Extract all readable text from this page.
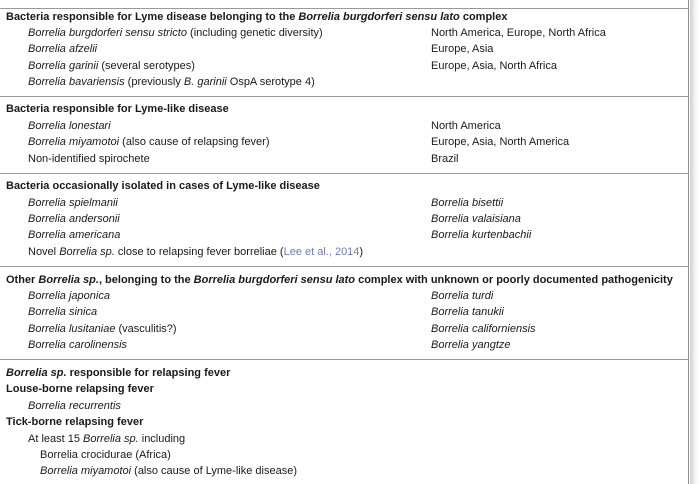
Bacteria responsible for Lyme disease belonging to the Borrelia burgdorferi sensu lato complex
Borrelia burgdorferi sensu stricto (including genetic diversity)	North America, Europe, North Africa
Borrelia afzelii	Europe, Asia
Borrelia garinii (several serotypes)	Europe, Asia, North Africa
Borrelia bavariensis (previously B. garinii OspA serotype 4)
Bacteria responsible for Lyme-like disease
Borrelia lonestari	North America
Borrelia miyamotoi (also cause of relapsing fever)	Europe, Asia, North America
Non-identified spirochete	Brazil
Bacteria occasionally isolated in cases of Lyme-like disease
Borrelia spielmanii	Borrelia bisettii
Borrelia andersonii	Borrelia valaisiana
Borrelia americana	Borrelia kurtenbachii
Novel Borrelia sp. close to relapsing fever borreliae (Lee et al., 2014)
Other Borrelia sp., belonging to the Borrelia burgdorferi sensu lato complex with unknown or poorly documented pathogenicity
Borrelia japonica	Borrelia turdi
Borrelia sinica	Borrelia tanukii
Borrelia lusitaniae (vasculitis?)	Borrelia californiensis
Borrelia carolinensis	Borrelia yangtze
Borrelia sp. responsible for relapsing fever
Louse-borne relapsing fever
Borrelia recurrentis
Tick-borne relapsing fever
At least 15 Borrelia sp. including
Borrelia crocidurae (Africa)
Borrelia miyamotoi (also cause of Lyme-like disease)
